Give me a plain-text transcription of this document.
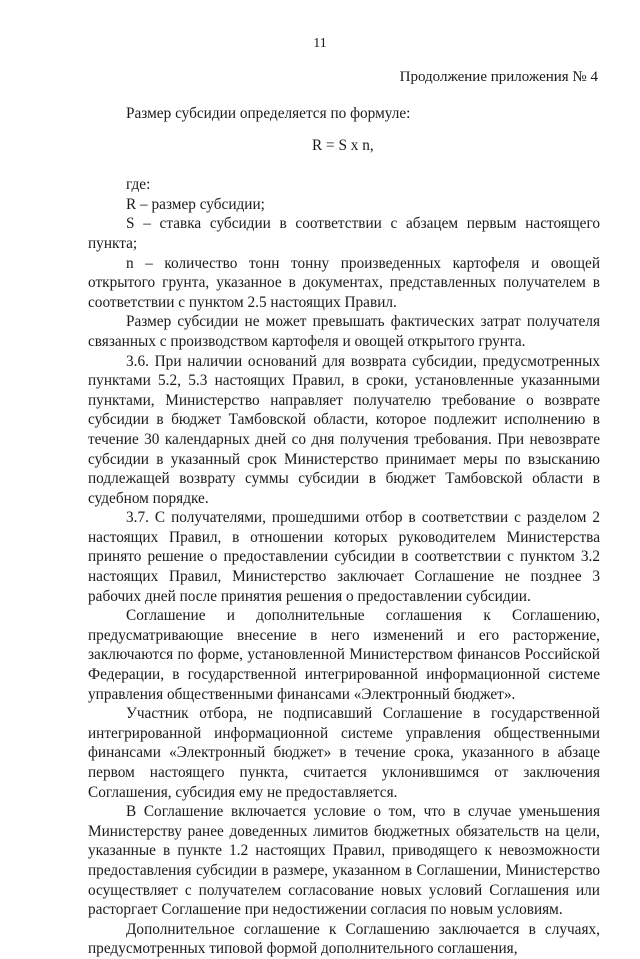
11
Продолжение приложения № 4

Размер субсидии определяется по формуле:

R = S x n,

где:

R – размер субсидии;

S – ставка субсидии в соответствии с абзацем первым настоящего пункта;

n – количество тонн тонну произведенных картофеля и овощей открытого грунта, указанное в документах, представленных получателем в соответствии с пунктом 2.5 настоящих Правил.

Размер субсидии не может превышать фактических затрат получателя связанных с производством картофеля и овощей открытого грунта.

3.6. При наличии оснований для возврата субсидии, предусмотренных пунктами 5.2, 5.3 настоящих Правил, в сроки, установленные указанными пунктами, Министерство направляет получателю требование о возврате субсидии в бюджет Тамбовской области, которое подлежит исполнению в течение 30 календарных дней со дня получения требования. При невозврате субсидии в указанный срок Министерство принимает меры по взысканию подлежащей возврату суммы субсидии в бюджет Тамбовской области в судебном порядке.

3.7. С получателями, прошедшими отбор в соответствии с разделом 2 настоящих Правил, в отношении которых руководителем Министерства принято решение о предоставлении субсидии в соответствии с пунктом 3.2 настоящих Правил, Министерство заключает Соглашение не позднее 3 рабочих дней после принятия решения о предоставлении субсидии.

Соглашение и дополнительные соглашения к Соглашению, предусматривающие внесение в него изменений и его расторжение, заключаются по форме, установленной Министерством финансов Российской Федерации, в государственной интегрированной информационной системе управления общественными финансами «Электронный бюджет».

Участник отбора, не подписавший Соглашение в государственной интегрированной информационной системе управления общественными финансами «Электронный бюджет» в течение срока, указанного в абзаце первом настоящего пункта, считается уклонившимся от заключения Соглашения, субсидия ему не предоставляется.

В Соглашение включается условие о том, что в случае уменьшения Министерству ранее доведенных лимитов бюджетных обязательств на цели, указанные в пункте 1.2 настоящих Правил, приводящего к невозможности предоставления субсидии в размере, указанном в Соглашении, Министерство осуществляет с получателем согласование новых условий Соглашения или расторгает Соглашение при недостижении согласия по новым условиям.

Дополнительное соглашение к Соглашению заключается в случаях, предусмотренных типовой формой дополнительного соглашения,
